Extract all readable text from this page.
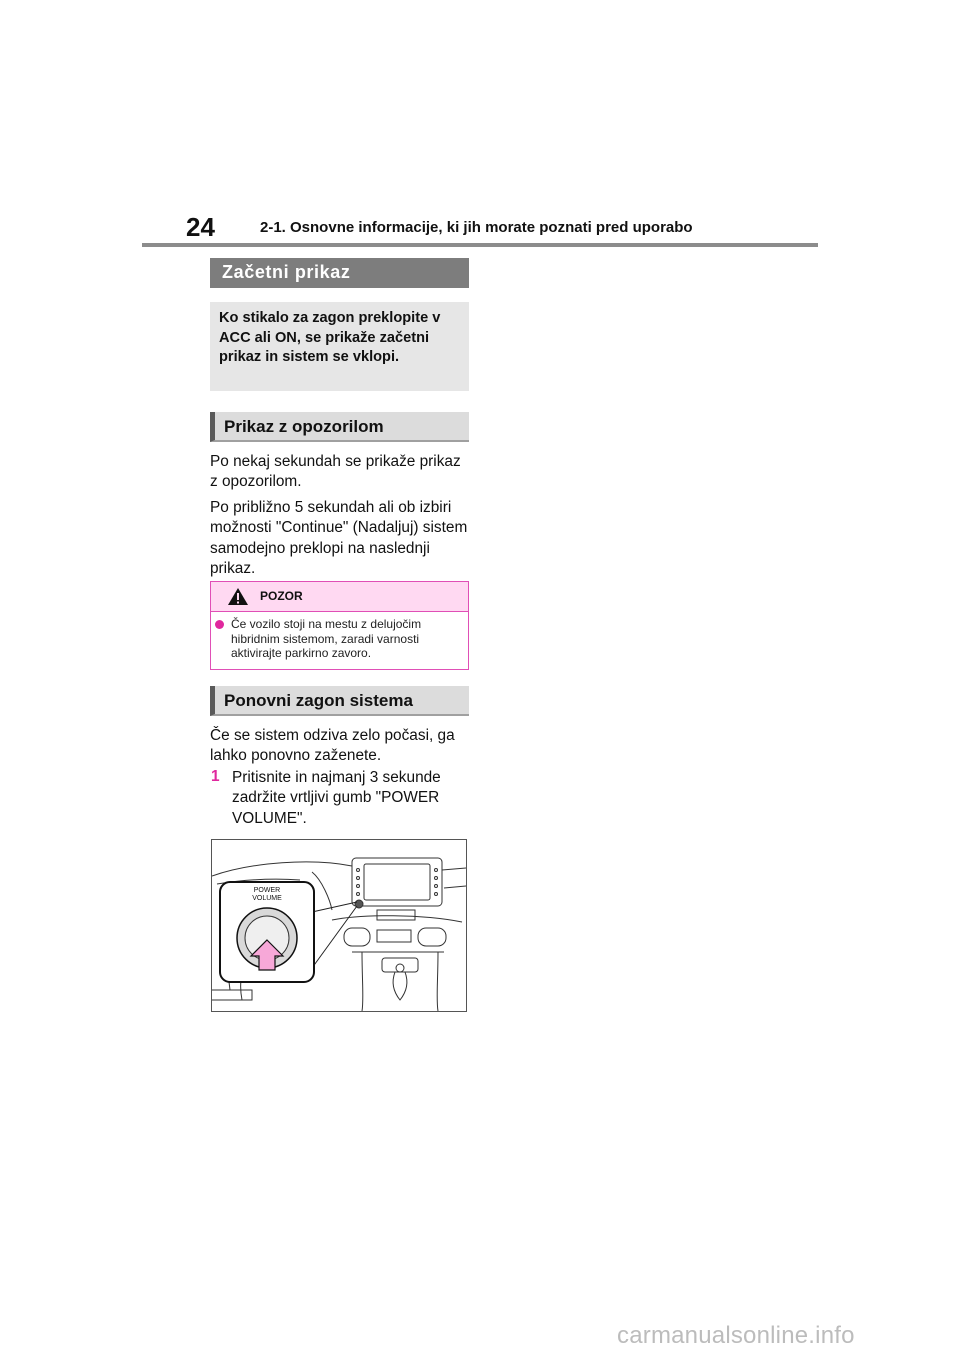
24	2-1. Osnovne informacije, ki jih morate poznati pred uporabo
Začetni prikaz
Ko stikalo za zagon preklopite v ACC ali ON, se prikaže začetni prikaz in sistem se vklopi.
Prikaz z opozorilom

Po nekaj sekundah se prikaže prikaz z opozorilom.

Po približno 5 sekundah ali ob izbiri možnosti "Continue" (Nadaljuj) sistem samodejno preklopi na naslednji prikaz.

POZOR
Če vozilo stoji na mestu z delujočim hibridnim sistemom, zaradi varnosti aktivirajte parkirno zavoro.
Ponovni zagon sistema
Če se sistem odziva zelo počasi, ga lahko ponovno zaženete.
1 Pritisnite in najmanj 3 sekunde zadržite vrtljivi gumb "POWER VOLUME".
POWER
VOLUME
carmanualsonline.info
